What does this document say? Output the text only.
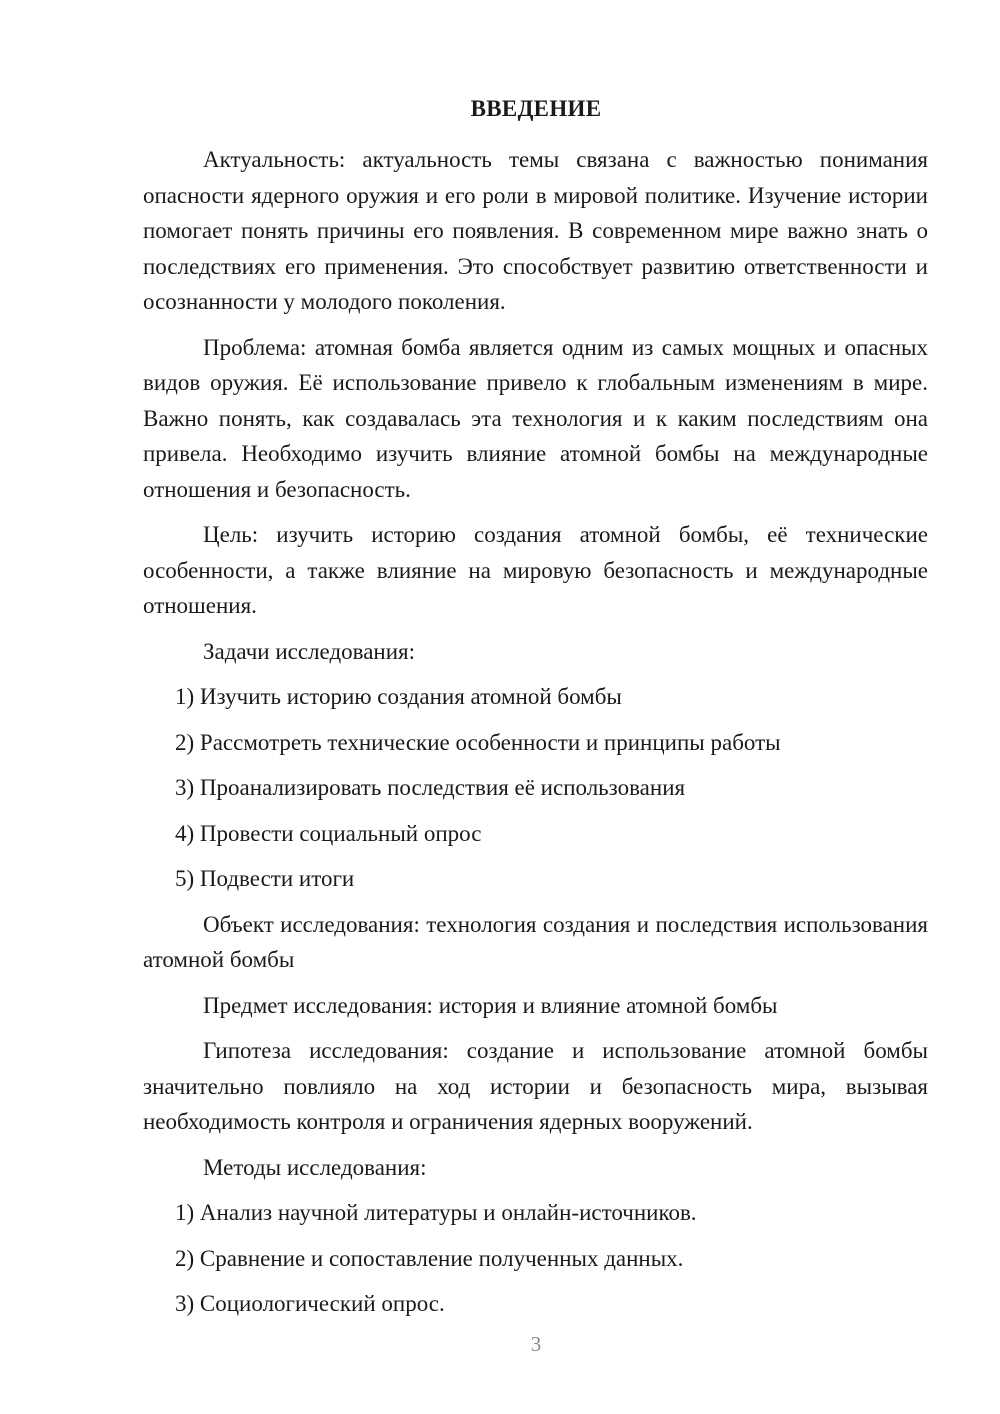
ВВЕДЕНИЕ

Актуальность: актуальность темы связана с важностью понимания опасности ядерного оружия и его роли в мировой политике. Изучение истории помогает понять причины его появления. В современном мире важно знать о последствиях его применения. Это способствует развитию ответственности и осознанности у молодого поколения.

Проблема: атомная бомба является одним из самых мощных и опасных видов оружия. Её использование привело к глобальным изменениям в мире. Важно понять, как создавалась эта технология и к каким последствиям она привела. Необходимо изучить влияние атомной бомбы на международные отношения и безопасность.

Цель: изучить историю создания атомной бомбы, её технические особенности, а также влияние на мировую безопасность и международные отношения.

Задачи исследования:

1) Изучить историю создания атомной бомбы
2) Рассмотреть технические особенности и принципы работы
3) Проанализировать последствия её использования
4) Провести социальный опрос
5) Подвести итоги

Объект исследования: технология создания и последствия использования атомной бомбы

Предмет исследования: история и влияние атомной бомбы

Гипотеза исследования: создание и использование атомной бомбы значительно повлияло на ход истории и безопасность мира, вызывая необходимость контроля и ограничения ядерных вооружений.

Методы исследования:

1) Анализ научной литературы и онлайн-источников.
2) Сравнение и сопоставление полученных данных.
3) Социологический опрос.
3
